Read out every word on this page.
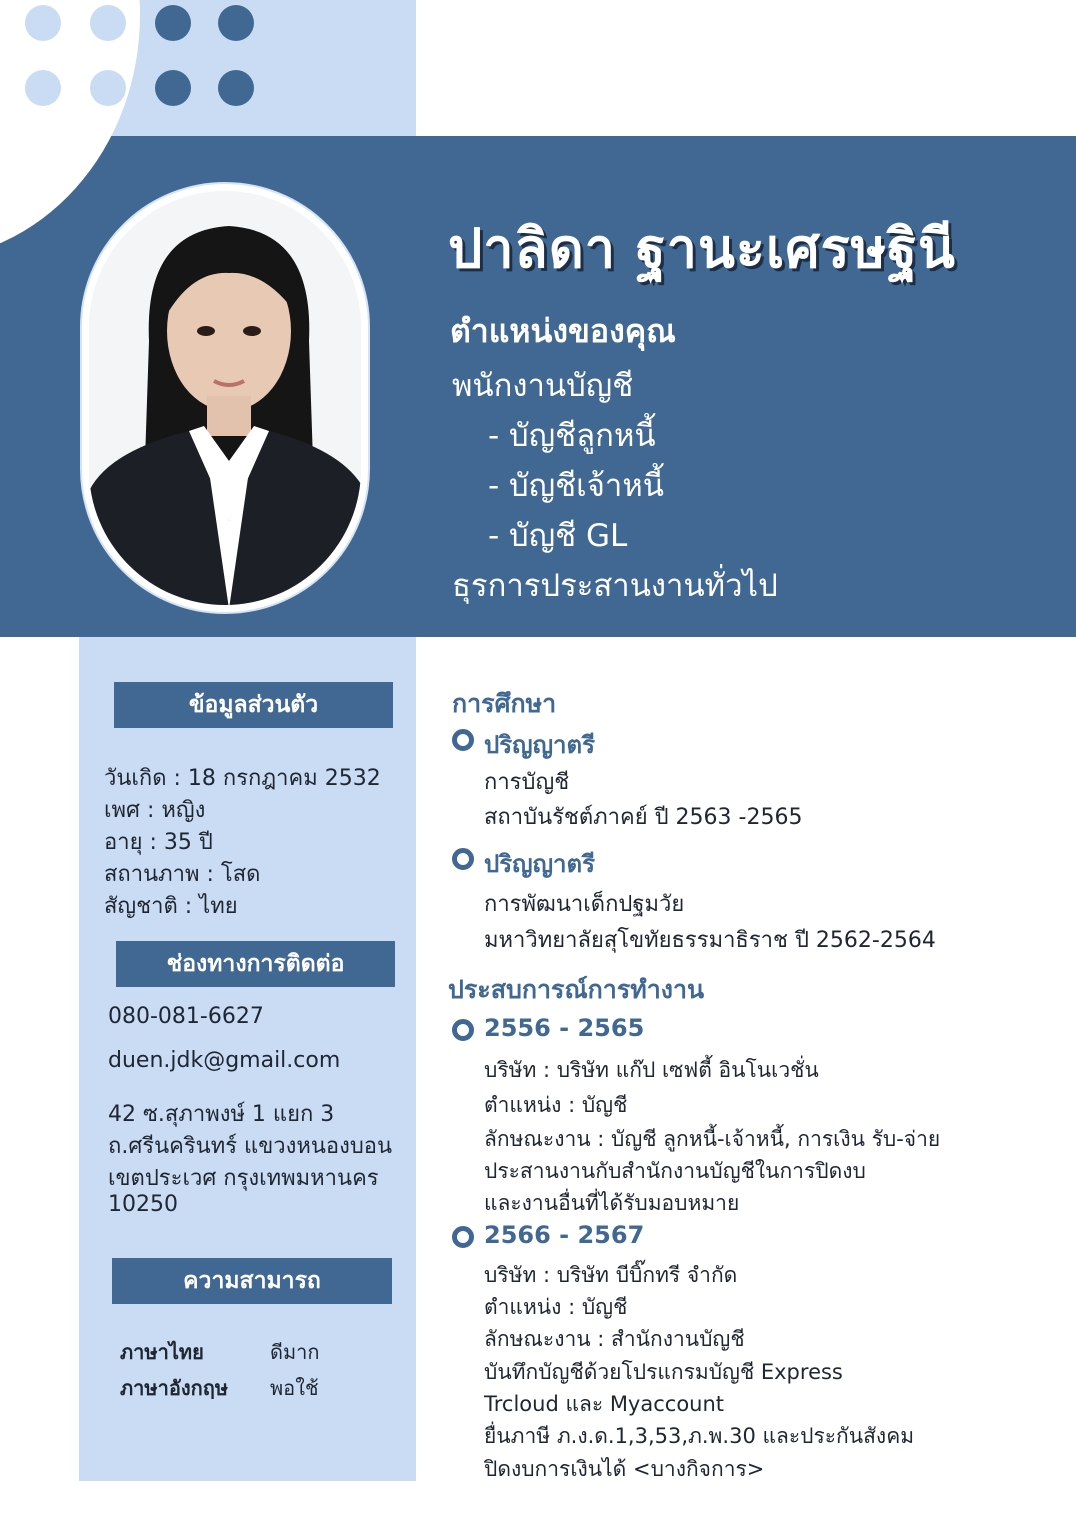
ปาลิดา ฐานะเศรษฐินี
ตำแหน่งของคุณ
พนักงานบัญชี
- บัญชีลูกหนี้
- บัญชีเจ้าหนี้
- บัญชี GL
ธุรการประสานงานทั่วไป
ข้อมูลส่วนตัว
วันเกิด : 18 กรกฎาคม 2532
เพศ : หญิง
อายุ : 35 ปี
สถานภาพ : โสด
สัญชาติ : ไทย
ช่องทางการติดต่อ
080-081-6627
duen.jdk@gmail.com
42 ซ.สุภาพงษ์ 1 แยก 3
ถ.ศรีนครินทร์ แขวงหนองบอน
เขตประเวศ กรุงเทพมหานคร
10250
ความสามารถ
ภาษาไทย	ดีมาก
ภาษาอังกฤษ พอใช้
การศึกษา
ปริญญาตรี
การบัญชี
สถาบันรัชต์ภาคย์ ปี 2563 -2565
ปริญญาตรี
การพัฒนาเด็กปฐมวัย
มหาวิทยาลัยสุโขทัยธรรมาธิราช ปี 2562-2564
ประสบการณ์การทำงาน
2556 - 2565
บริษัท : บริษัท แก๊ป เซฟตี้ อินโนเวชั่น
ตำแหน่ง : บัญชี
ลักษณะงาน : บัญชี ลูกหนี้-เจ้าหนี้, การเงิน รับ-จ่าย
ประสานงานกับสำนักงานบัญชีในการปิดงบ
และงานอื่นที่ได้รับมอบหมาย
2566 - 2567
บริษัท : บริษัท บีบิ๊กทรี จำกัด
ตำแหน่ง : บัญชี
ลักษณะงาน : สำนักงานบัญชี
บันทึกบัญชีด้วยโปรแกรมบัญชี Express
Trcloud และ Myaccount
ยื่นภาษี ภ.ง.ด.1,3,53,ภ.พ.30 และประกันสังคม
ปิดงบการเงินได้ <บางกิจการ>
